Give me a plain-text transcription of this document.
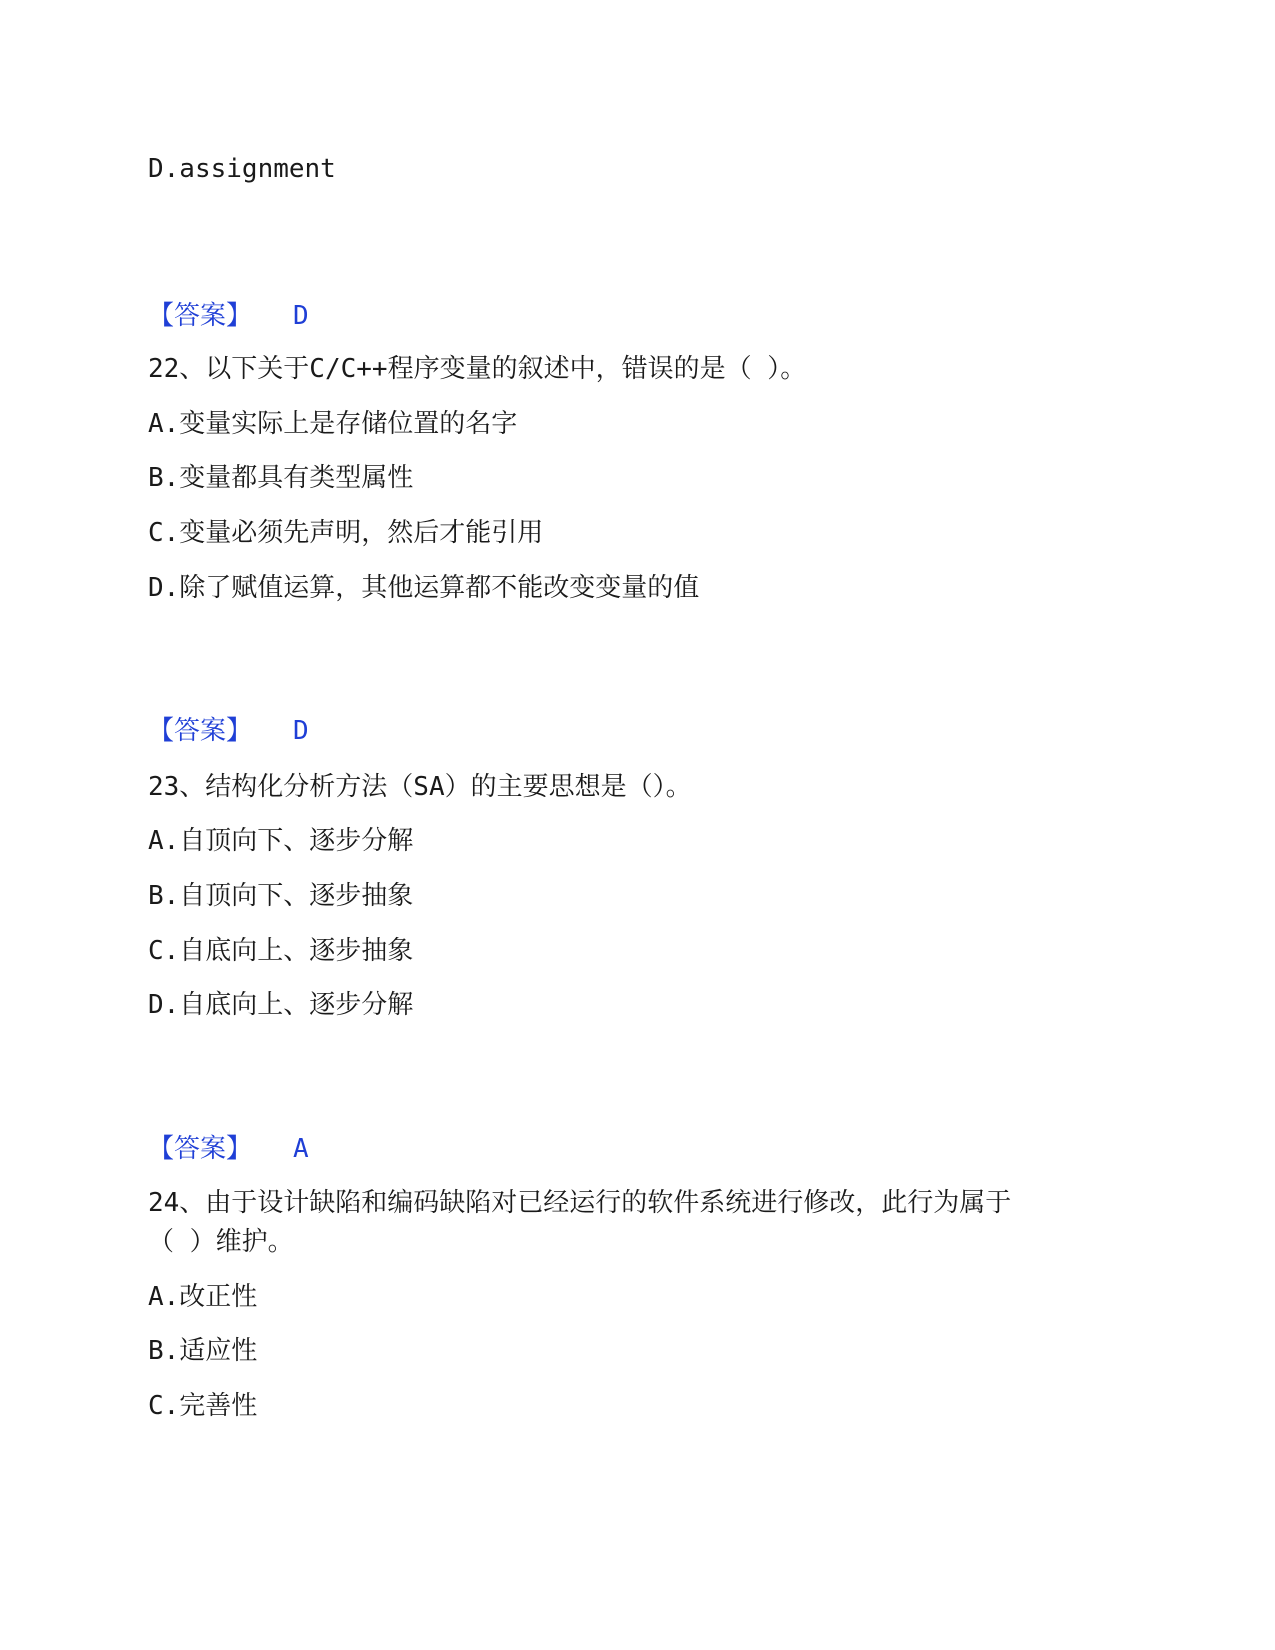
D.assignment

【答案】 D

22、以下关于C/C++程序变量的叙述中，错误的是（ ）。

A.变量实际上是存储位置的名字

B.变量都具有类型属性

C.变量必须先声明，然后才能引用

D.除了赋值运算，其他运算都不能改变变量的值

【答案】 D

23、结构化分析方法（SA）的主要思想是（）。

A.自顶向下、逐步分解

B.自顶向下、逐步抽象

C.自底向上、逐步抽象

D.自底向上、逐步分解

【答案】 A

24、由于设计缺陷和编码缺陷对已经运行的软件系统进行修改，此行为属于

（ ）维护。

A.改正性

B.适应性

C.完善性
